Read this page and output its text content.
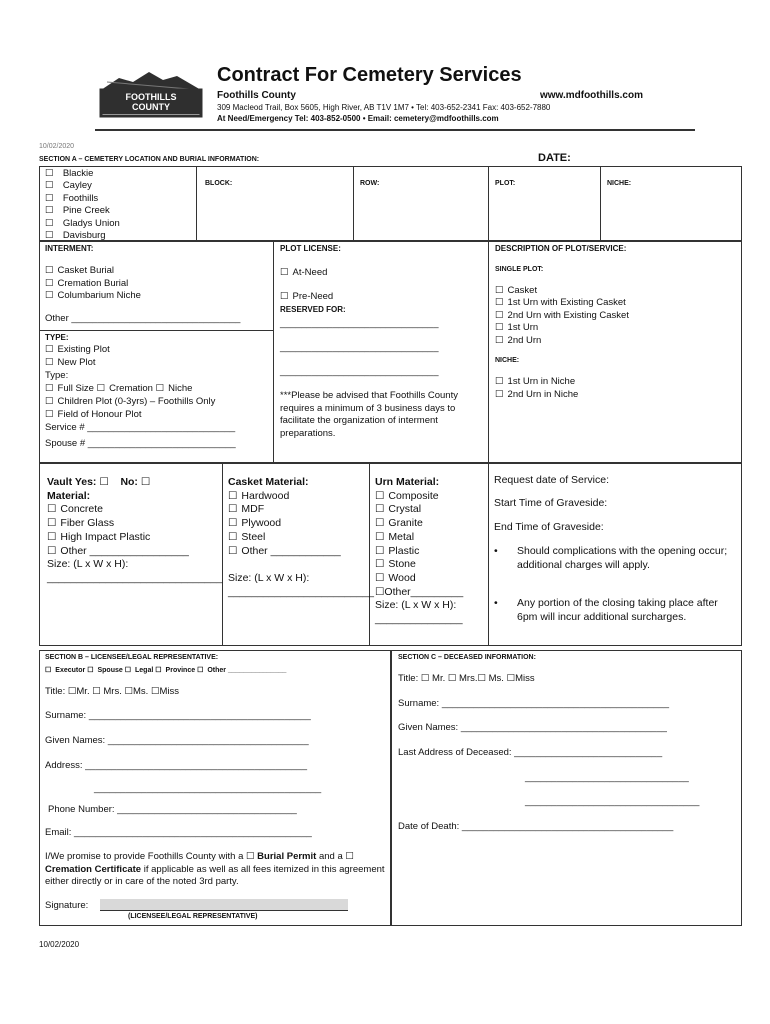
FOOTHILLS
COUNTY
Contract For Cemetery Services
Foothills County	www.mdfoothills.com
309 Macleod Trail, Box 5605, High River, AB T1V 1M7 • Tel: 403-652-2341 Fax: 403-652-7880
At Need/Emergency Tel: 403-852-0500 • Email: cemetery@mdfoothills.com
10/02/2020
SECTION A – CEMETERY LOCATION AND BURIAL INFORMATION:	DATE:
☐   Blackie
☐   Cayley
☐   Foothills
☐   Pine Creek
☐   Gladys Union
☐   Davisburg
BLOCK:	ROW:	PLOT:	NICHE:
INTERMENT:
☐ Casket Burial
☐ Cremation Burial
☐ Columbarium Niche
Other ________________________________
TYPE:
☐ Existing Plot
☐ New Plot
Type:
☐ Full Size ☐ Cremation ☐ Niche
☐ Children Plot (0-3yrs) – Foothills Only
☐ Field of Honour Plot
Service # ____________________________
Spouse # ____________________________
PLOT LICENSE:
☐ At-Need
☐ Pre-Need
RESERVED FOR:
______________________________
______________________________
______________________________
***Please be advised that Foothills County requires a minimum of 3 business days to facilitate the organization of interment preparations.
DESCRIPTION OF PLOT/SERVICE:
SINGLE PLOT:
☐ Casket
☐ 1st Urn with Existing Casket
☐ 2nd Urn with Existing Casket
☐ 1st Urn
☐ 2nd Urn
NICHE:
☐ 1st Urn in Niche
☐ 2nd Urn in Niche
Vault Yes: ☐ No: ☐
Material:
☐ Concrete
☐ Fiber Glass
☐ High Impact Plastic
☐ Other _________________
Size: (L x W x H):
______________________________
Casket Material:
☐ Hardwood
☐ MDF
☐ Plywood
☐ Steel
☐ Other ____________
Size: (L x W x H):
_________________________
Urn Material:
☐ Composite
☐ Crystal
☐ Granite
☐ Metal
☐ Plastic
☐ Stone
☐ Wood
☐Other_________
Size: (L x W x H):
_______________
Request date of Service:
Start Time of Graveside:
End Time of Graveside:
• Should complications with the opening occur; additional charges will apply.
• Any portion of the closing taking place after 6pm will incur additional surcharges.
SECTION B – LICENSEE/LEGAL REPRESENTATIVE:
☐ Executor ☐ Spouse ☐ Legal ☐ Province ☐ Other _______________
Title: ☐Mr. ☐ Mrs. ☐Ms. ☐Miss
Surname: __________________________________________
Given Names: ______________________________________
Address: __________________________________________
___________________________________________
Phone Number: __________________________________
Email: _____________________________________________
I/We promise to provide Foothills County with a ☐ Burial Permit and a ☐ Cremation Certificate if applicable as well as all fees itemized in this agreement either directly or in care of the noted 3rd party.
Signature:
(LICENSEE/LEGAL REPRESENTATIVE)
SECTION C – DECEASED INFORMATION:
Title: ☐ Mr. ☐ Mrs.☐ Ms. ☐Miss
Surname: ___________________________________________
Given Names: _______________________________________
Last Address of Deceased: ____________________________
_______________________________
_________________________________
Date of Death: ________________________________________
10/02/2020
